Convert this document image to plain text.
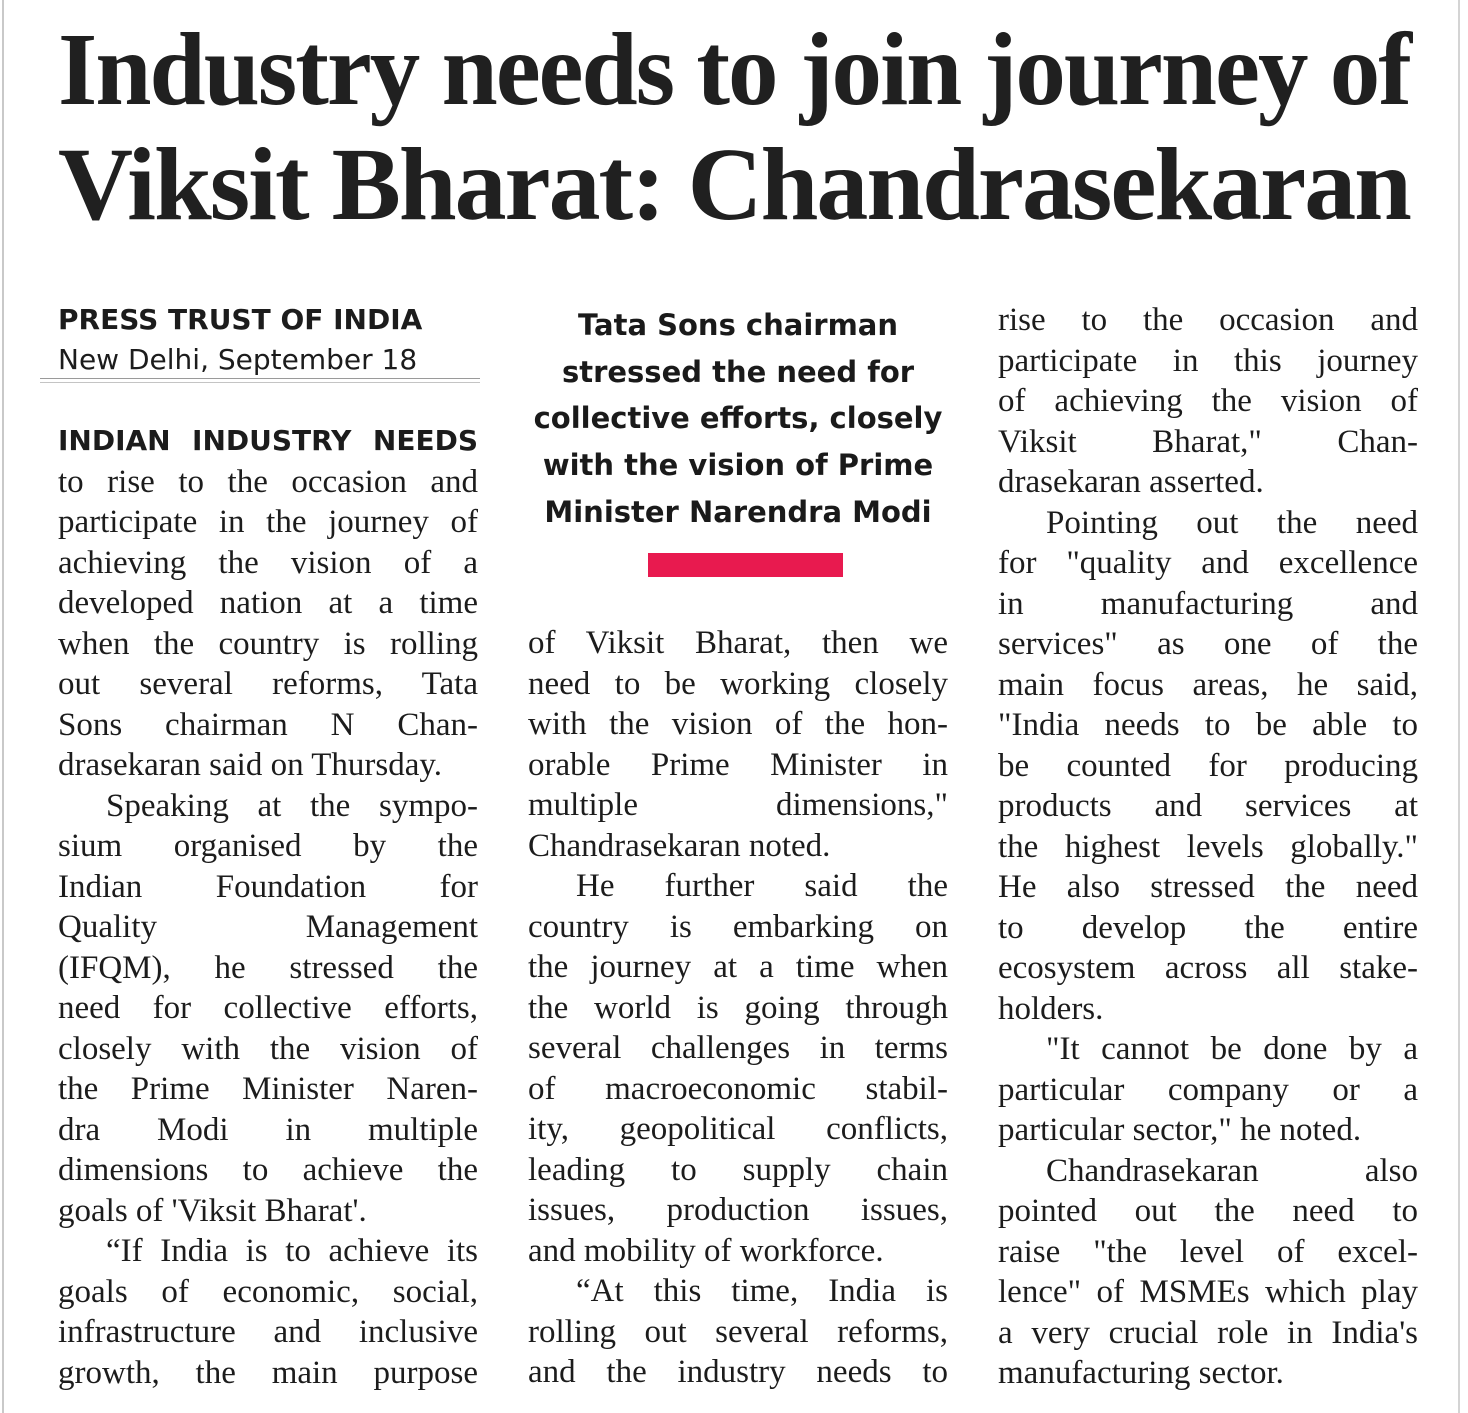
Industry needs to join journey of
Viksit Bharat: Chandrasekaran
PRESS TRUST OF INDIA
New Delhi, September 18
Tata Sons chairman
stressed the need for
collective efforts, closely
with the vision of Prime
Minister Narendra Modi
INDIAN INDUSTRY NEEDS
to rise to the occasion and
participate in the journey of
achieving the vision of a
developed nation at a time
when the country is rolling
out several reforms, Tata
Sons chairman N Chan-
drasekaran said on Thursday.
Speaking at the sympo-
sium organised by the
Indian Foundation for
Quality Management
(IFQM), he stressed the
need for collective efforts,
closely with the vision of
the Prime Minister Naren-
dra Modi in multiple
dimensions to achieve the
goals of 'Viksit Bharat'.
“If India is to achieve its
goals of economic, social,
infrastructure and inclusive
growth, the main purpose
of Viksit Bharat, then we
need to be working closely
with the vision of the hon-
orable Prime Minister in
multiple dimensions,"
Chandrasekaran noted.
He further said the
country is embarking on
the journey at a time when
the world is going through
several challenges in terms
of macroeconomic stabil-
ity, geopolitical conflicts,
leading to supply chain
issues, production issues,
and mobility of workforce.
“At this time, India is
rolling out several reforms,
and the industry needs to
rise to the occasion and
participate in this journey
of achieving the vision of
Viksit Bharat," Chan-
drasekaran asserted.
Pointing out the need
for "quality and excellence
in manufacturing and
services" as one of the
main focus areas, he said,
"India needs to be able to
be counted for producing
products and services at
the highest levels globally."
He also stressed the need
to develop the entire
ecosystem across all stake-
holders.
"It cannot be done by a
particular company or a
particular sector," he noted.
Chandrasekaran also
pointed out the need to
raise "the level of excel-
lence" of MSMEs which play
a very crucial role in India's
manufacturing sector.
